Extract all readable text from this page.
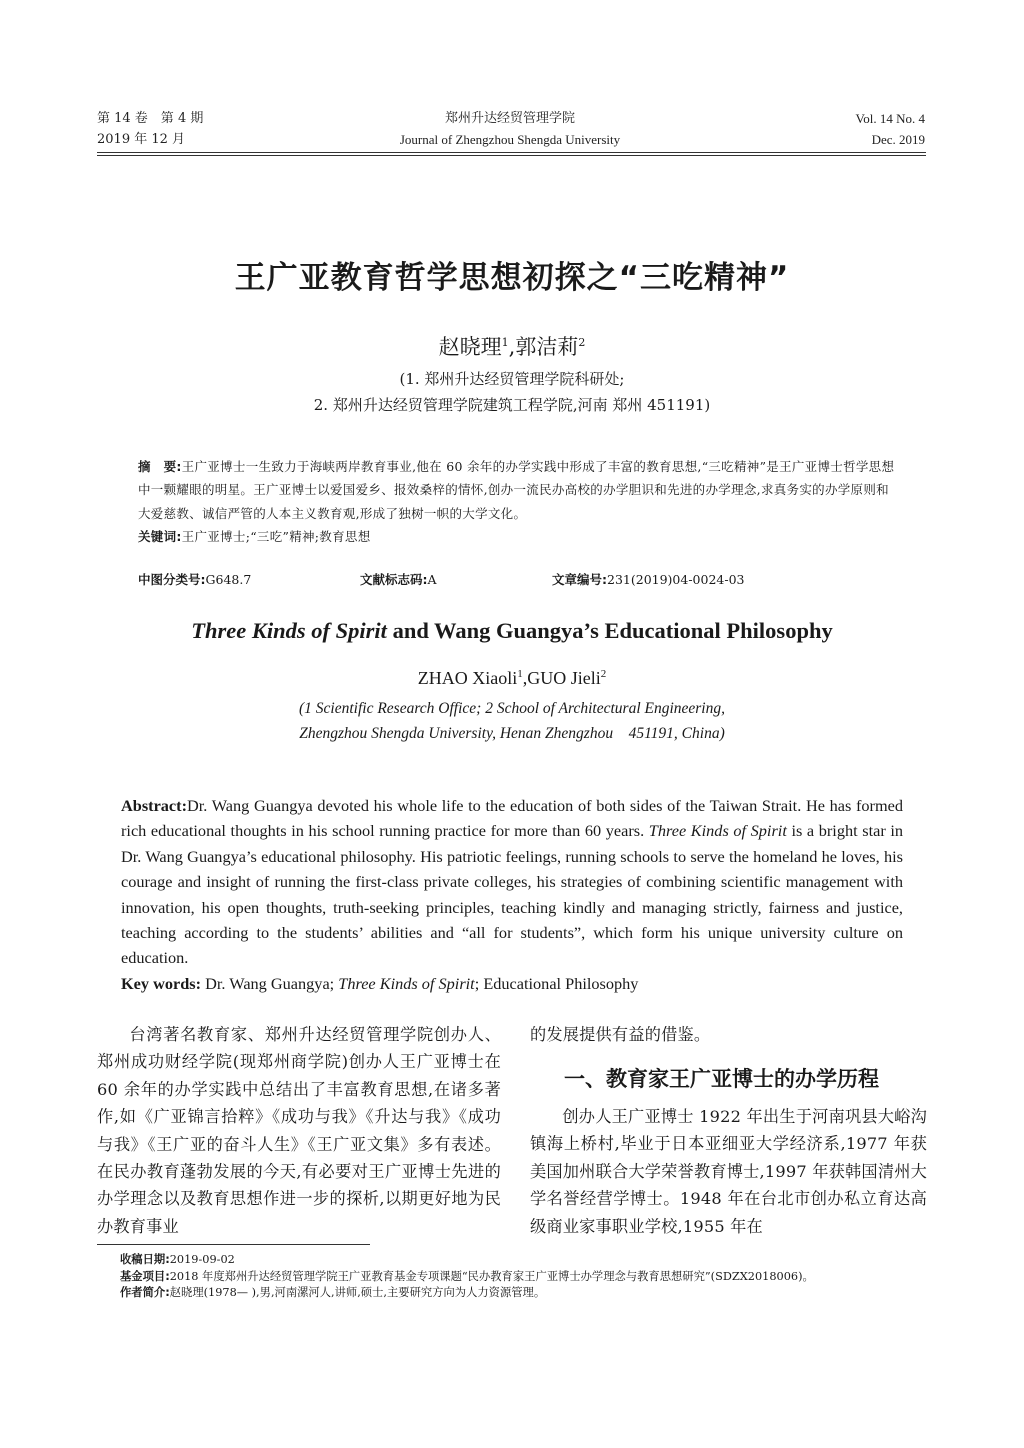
第 14 卷　第 4 期
2019 年 12 月
郑州升达经贸管理学院
Journal of Zhengzhou Shengda University
Vol. 14 No. 4
Dec. 2019
王广亚教育哲学思想初探之“三吃精神”
赵晓理$^1$,郭洁莉$^2$
(1. 郑州升达经贸管理学院科研处;
2. 郑州升达经贸管理学院建筑工程学院,河南 郑州 451191)
摘　要:王广亚博士一生致力于海峡两岸教育事业,他在 60 余年的办学实践中形成了丰富的教育思想,“三吃精神”是王广亚博士哲学思想中一颗耀眼的明星。王广亚博士以爱国爱乡、报效桑梓的情怀,创办一流民办高校的办学胆识和先进的办学理念,求真务实的办学原则和大爱慈教、诚信严管的人本主义教育观,形成了独树一帜的大学文化。
关键词:王广亚博士;“三吃”精神;教育思想
中图分类号:G648.7	文献标志码:A	文章编号:231(2019)04-0024-03
Three Kinds of Spirit and Wang Guangya’s Educational Philosophy
ZHAO Xiaoli$^1$,GUO Jieli$^2$
(1 Scientific Research Office; 2 School of Architectural Engineering,
Zhengzhou Shengda University, Henan Zhengzhou　451191, China)
Abstract:Dr. Wang Guangya devoted his whole life to the education of both sides of the Taiwan Strait. He has formed rich educational thoughts in his school running practice for more than 60 years. Three Kinds of Spirit is a bright star in Dr. Wang Guangya’s educational philosophy. His patriotic feelings, running schools to serve the homeland he loves, his courage and insight of running the first-class private colleges, his strategies of combining scientific management with innovation, his open thoughts, truth-seeking principles, teaching kindly and managing strictly, fairness and justice, teaching according to the students’ abilities and “all for students”, which form his unique university culture on education.
Key words: Dr. Wang Guangya; Three Kinds of Spirit; Educational Philosophy
台湾著名教育家、郑州升达经贸管理学院创办人、郑州成功财经学院(现郑州商学院)创办人王广亚博士在 60 余年的办学实践中总结出了丰富教育思想,在诸多著作,如《广亚锦言拾粹》《成功与我》《升达与我》《成功与我》《王广亚的奋斗人生》《王广亚文集》多有表述。在民办教育蓬勃发展的今天,有必要对王广亚博士先进的办学理念以及教育思想作进一步的探析,以期更好地为民办教育事业
的发展提供有益的借鉴。
一、教育家王广亚博士的办学历程
创办人王广亚博士 1922 年出生于河南巩县大峪沟镇海上桥村,毕业于日本亚细亚大学经济系,1977 年获美国加州联合大学荣誉教育博士,1997 年获韩国清州大学名誉经营学博士。1948 年在台北市创办私立育达高级商业家事职业学校,1955 年在
收稿日期:2019-09-02
基金项目:2018 年度郑州升达经贸管理学院王广亚教育基金专项课题“民办教育家王广亚博士办学理念与教育思想研究”(SDZX2018006)。
作者简介:赵晓理(1978— ),男,河南漯河人,讲师,硕士,主要研究方向为人力资源管理。
